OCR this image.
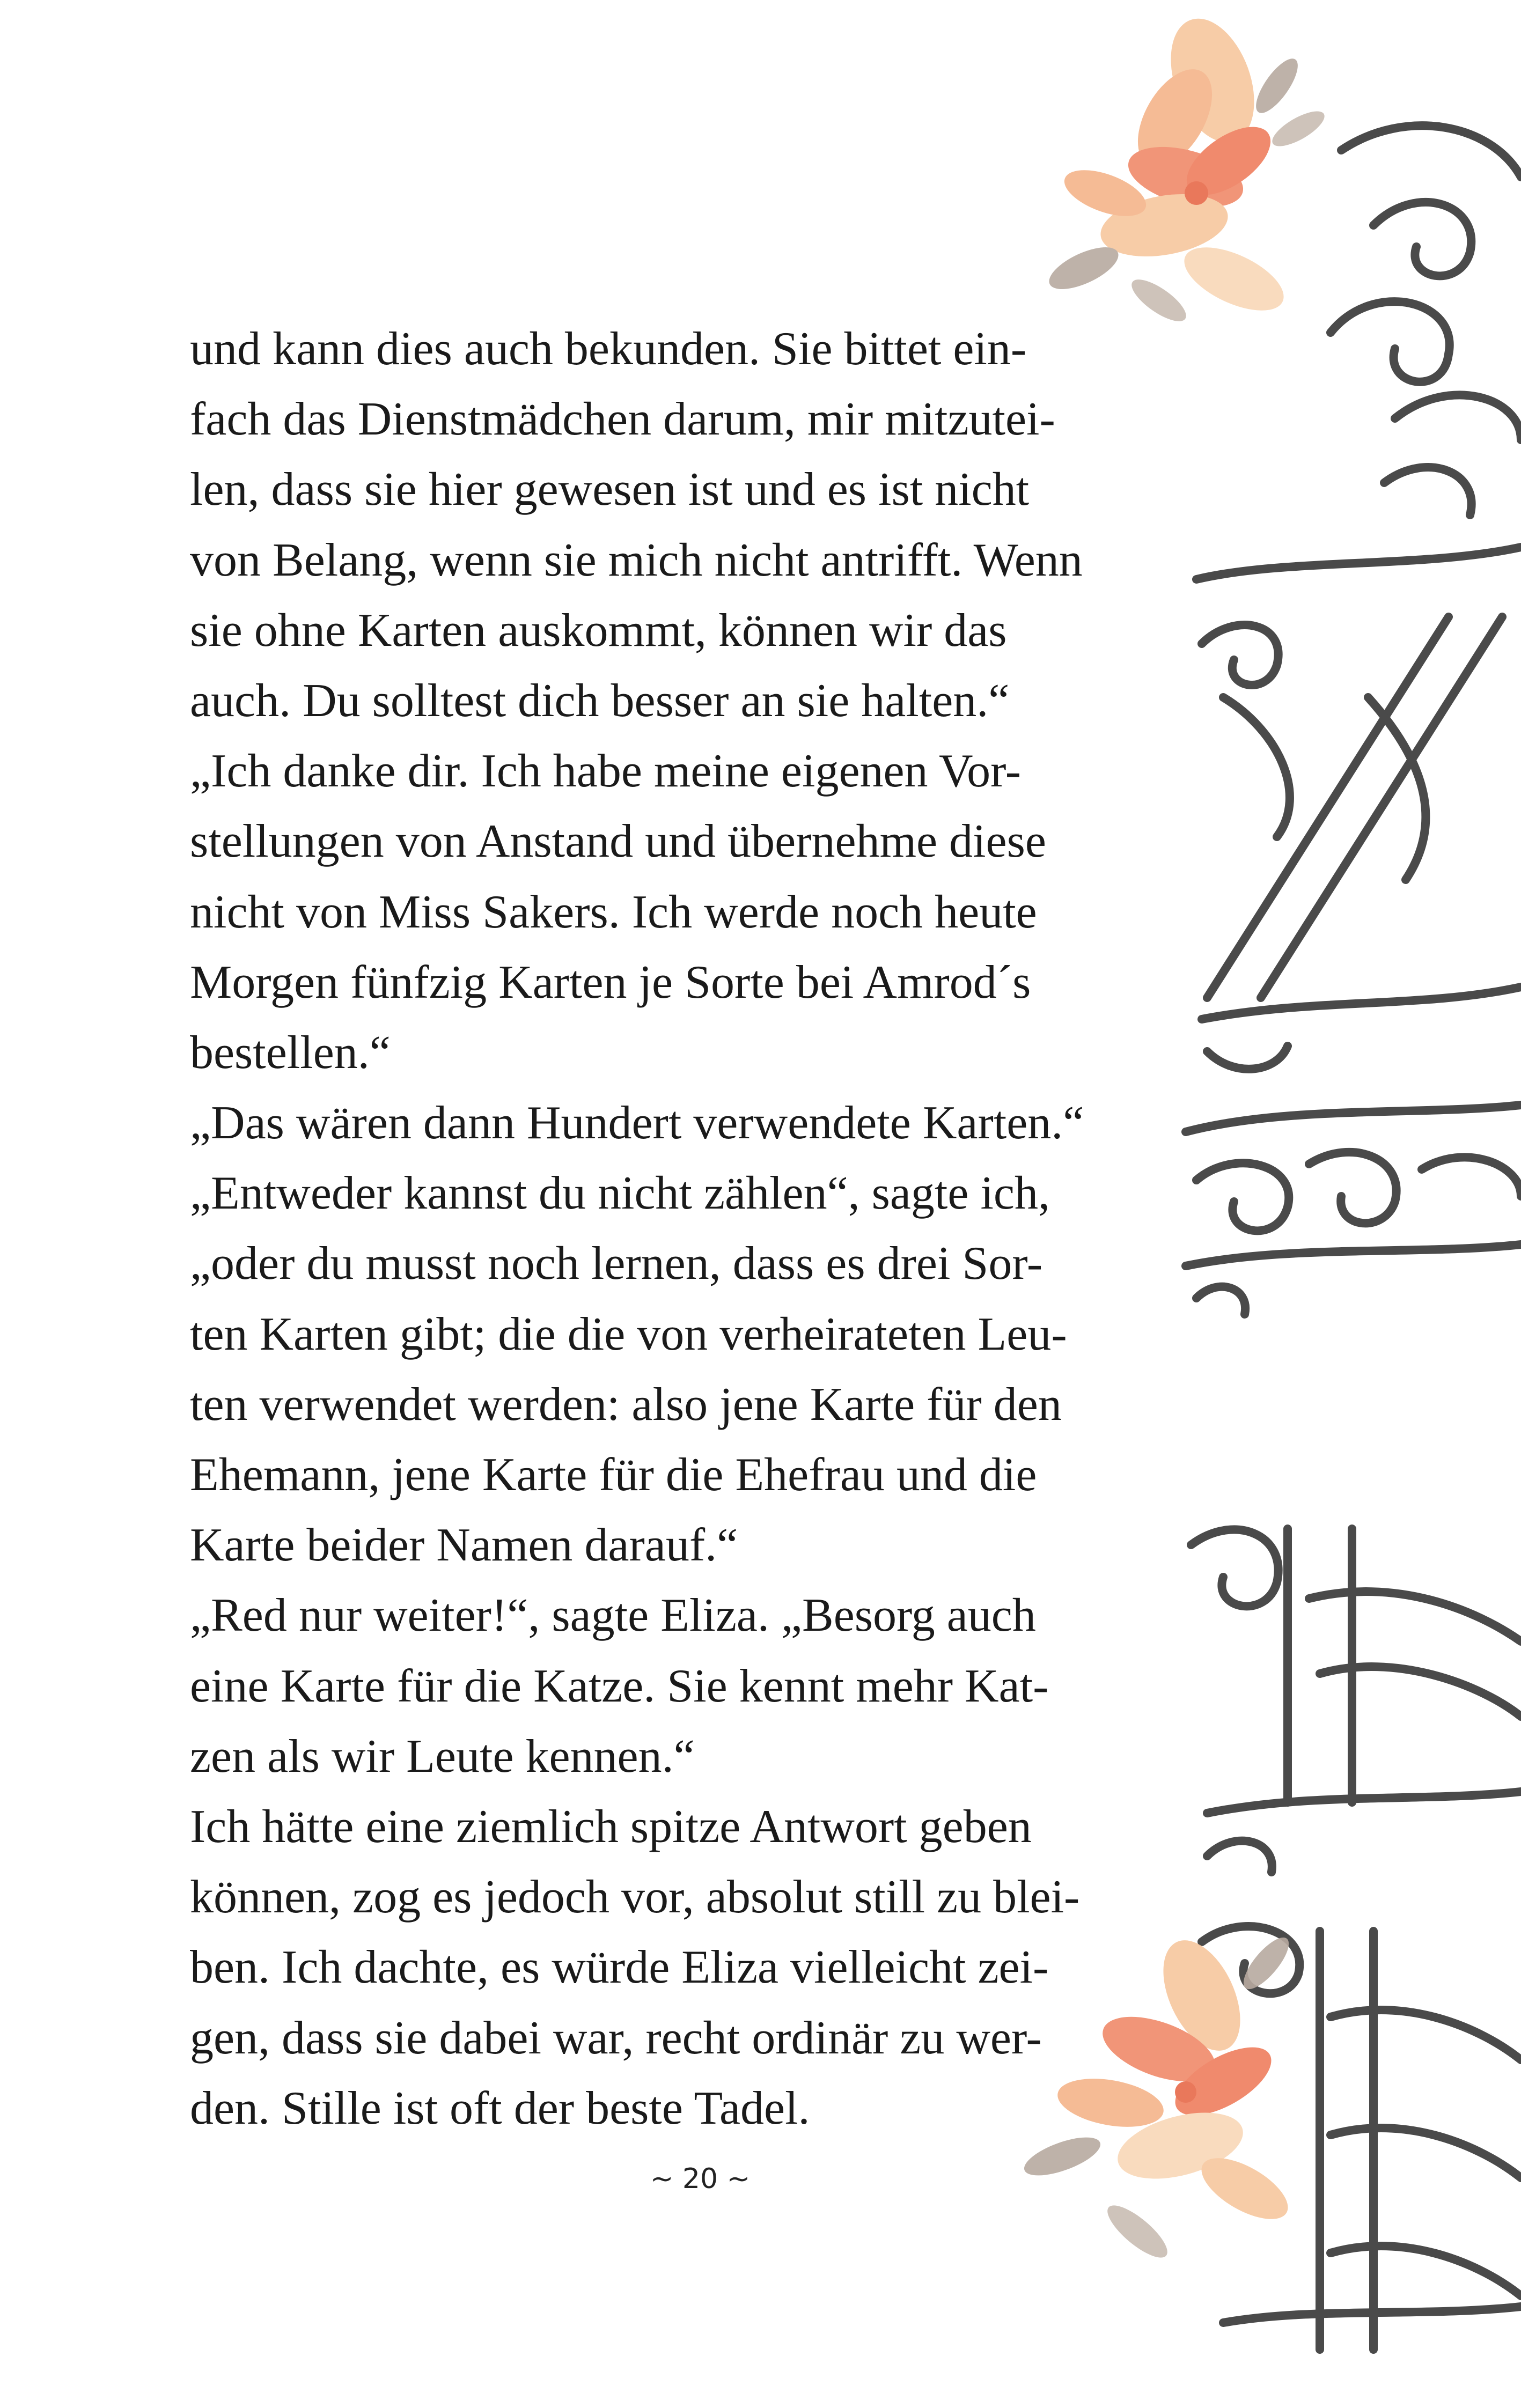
und kann dies auch bekunden. Sie bittet ein-
fach das Dienstmädchen darum, mir mitzutei-
len, dass sie hier gewesen ist und es ist nicht
von Belang, wenn sie mich nicht antrifft. Wenn
sie ohne Karten auskommt, können wir das
auch. Du solltest dich besser an sie halten.“
„Ich danke dir. Ich habe meine eigenen Vor-
stellungen von Anstand und übernehme diese
nicht von Miss Sakers. Ich werde noch heute
Morgen fünfzig Karten je Sorte bei Amrod´s
bestellen.“
„Das wären dann Hundert verwendete Karten.“
„Entweder kannst du nicht zählen“, sagte ich,
„oder du musst noch lernen, dass es drei Sor-
ten Karten gibt; die die von verheirateten Leu-
ten verwendet werden: also jene Karte für den
Ehemann, jene Karte für die Ehefrau und die
Karte beider Namen darauf.“
„Red nur weiter!“, sagte Eliza. „Besorg auch
eine Karte für die Katze. Sie kennt mehr Kat-
zen als wir Leute kennen.“
Ich hätte eine ziemlich spitze Antwort geben
können, zog es jedoch vor, absolut still zu blei-
ben. Ich dachte, es würde Eliza vielleicht zei-
gen, dass sie dabei war, recht ordinär zu wer-
den. Stille ist oft der beste Tadel.
~ 20 ~
